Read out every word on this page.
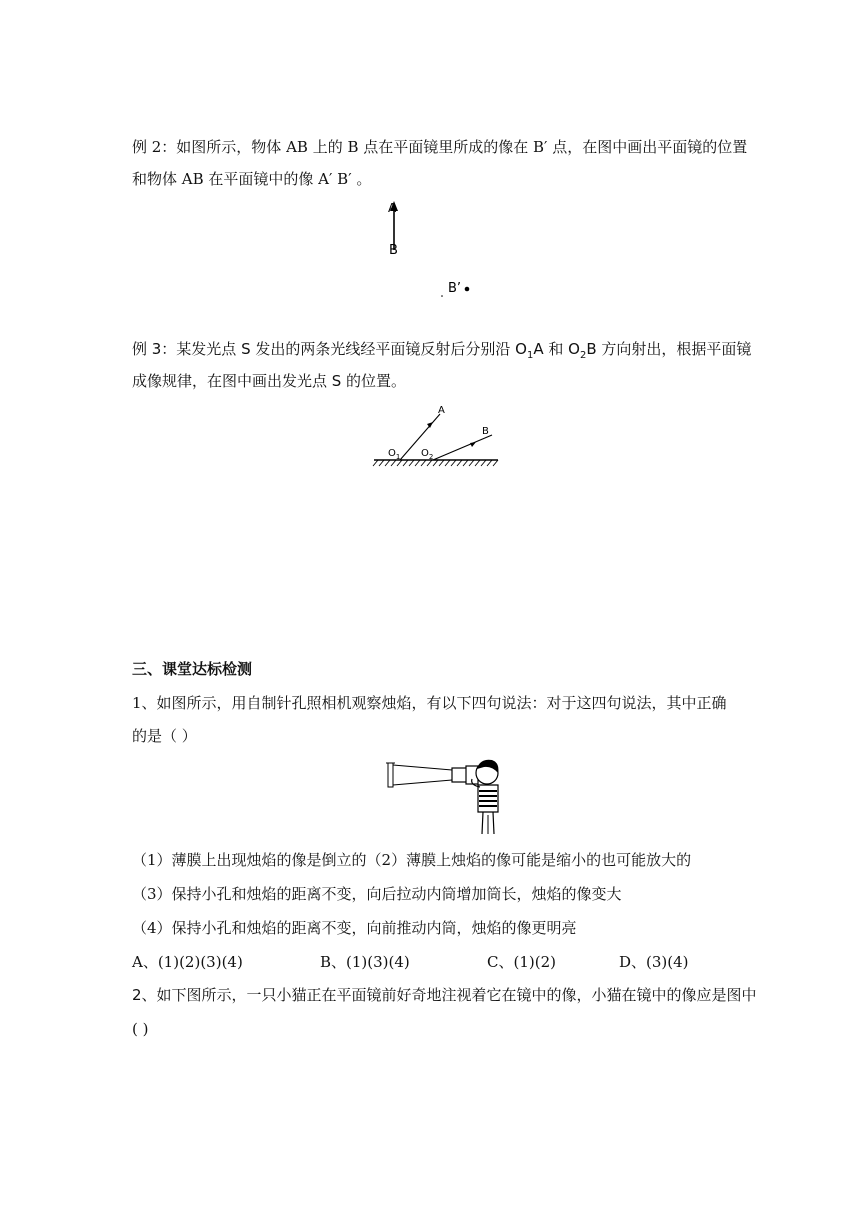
例 2：如图所示，物体 AB 上的 B 点在平面镜里所成的像在 B′ 点，在图中画出平面镜的位置
和物体 AB 在平面镜中的像 A′ B′ 。
A
B
B’
例 3：某发光点 S 发出的两条光线经平面镜反射后分别沿 $O_1A$ 和 $O_2B$ 方向射出，根据平面镜
成像规律，在图中画出发光点 S 的位置。
A
B
$O_1$ $O_2$
三、课堂达标检测
1、如图所示，用自制针孔照相机观察烛焰，有以下四句说法：对于这四句说法，其中正确
的是（ ）
（1）薄膜上出现烛焰的像是倒立的（2）薄膜上烛焰的像可能是缩小的也可能放大的
（3）保持小孔和烛焰的距离不变，向后拉动内筒增加筒长，烛焰的像变大
（4）保持小孔和烛焰的距离不变，向前推动内筒，烛焰的像更明亮
A、(1)(2)(3)(4)	B、(1)(3)(4)	C、(1)(2)	D、(3)(4)
2、如下图所示，一只小猫正在平面镜前好奇地注视着它在镜中的像，小猫在镜中的像应是图中
( )
